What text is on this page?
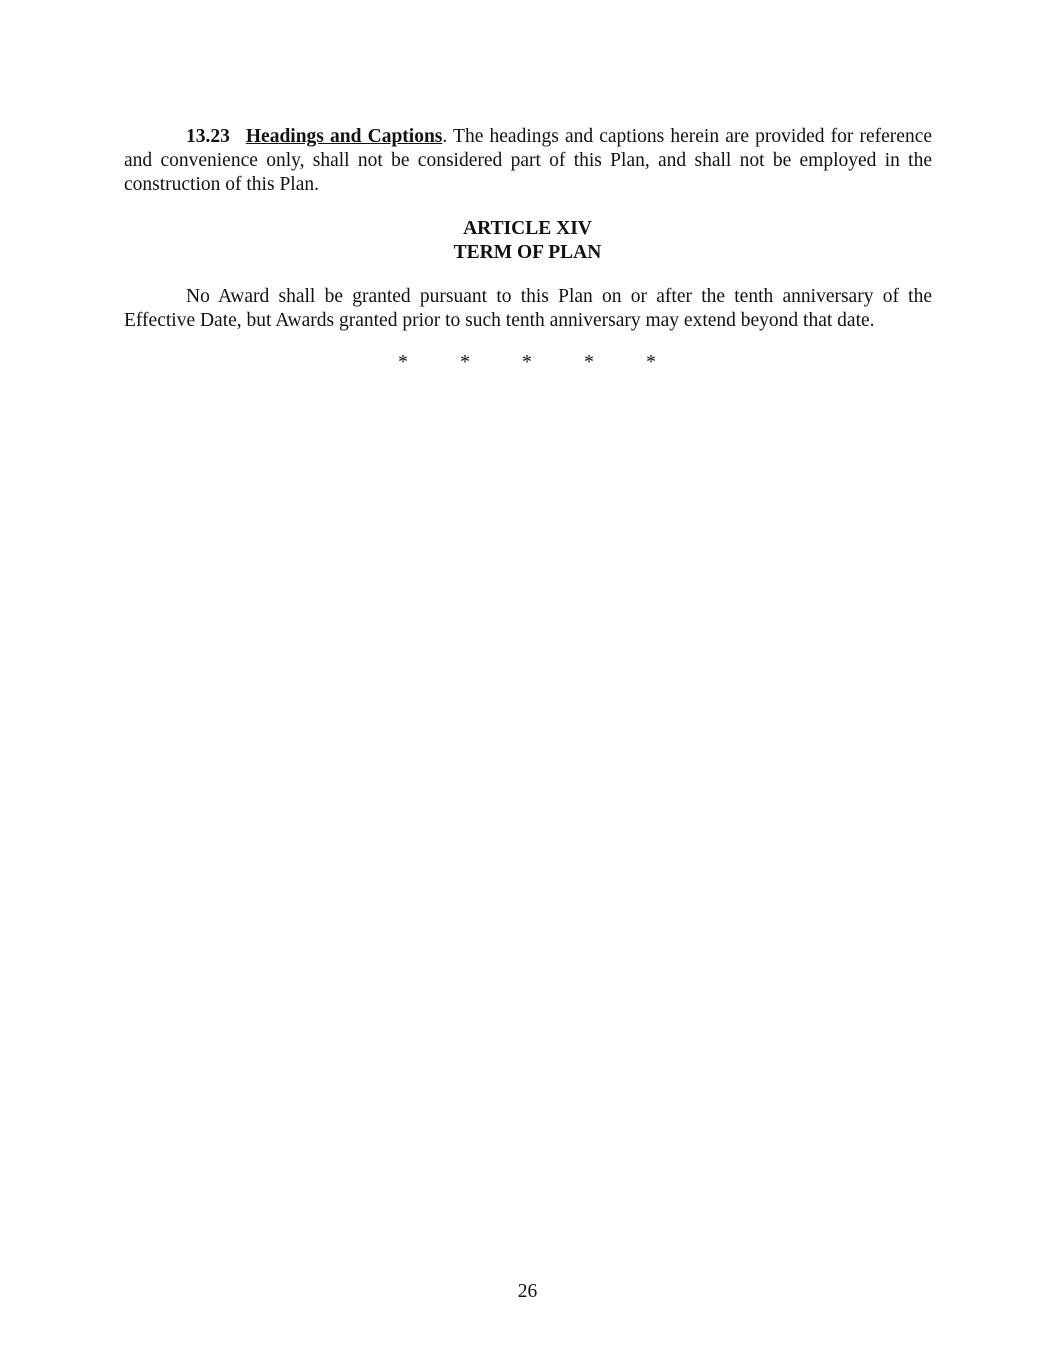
13.23 Headings and Captions. The headings and captions herein are provided for reference and convenience only, shall not be considered part of this Plan, and shall not be employed in the construction of this Plan.

ARTICLE XIV
TERM OF PLAN

No Award shall be granted pursuant to this Plan on or after the tenth anniversary of the Effective Date, but Awards granted prior to such tenth anniversary may extend beyond that date.

*	*	*	*	*
26
